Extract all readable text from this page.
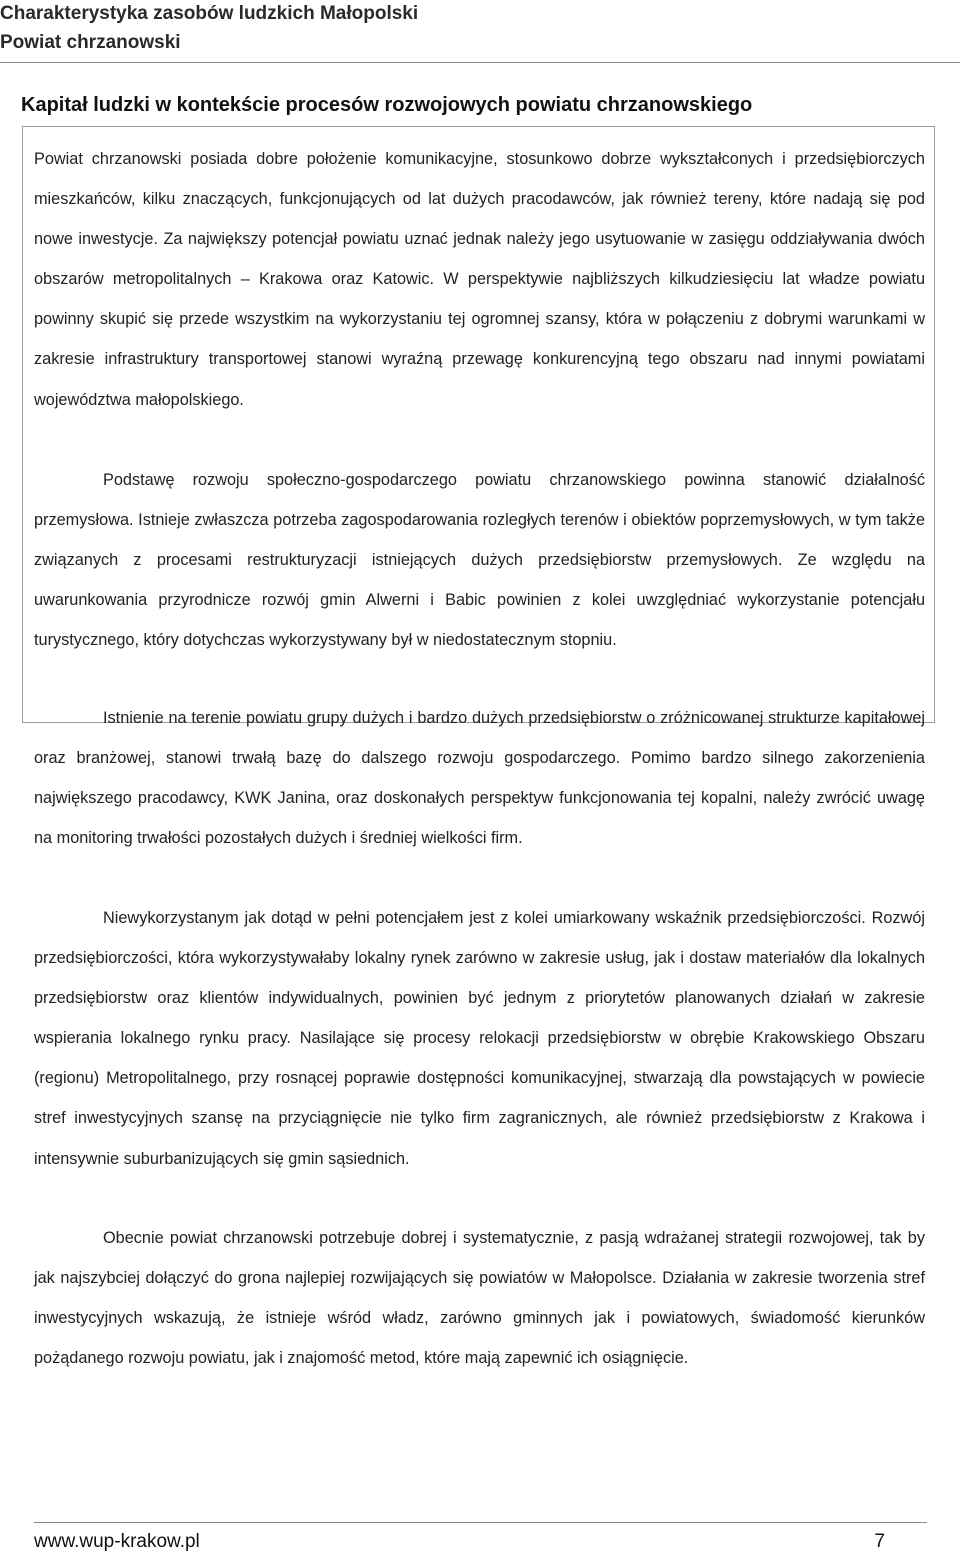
Charakterystyka zasobów ludzkich Małopolski
Powiat chrzanowski
Kapitał ludzki w kontekście procesów rozwojowych powiatu chrzanowskiego

Powiat chrzanowski posiada dobre położenie komunikacyjne, stosunkowo dobrze wykształconych i przedsiębiorczych mieszkańców, kilku znaczących, funkcjonujących od lat dużych pracodawców, jak również tereny, które nadają się pod nowe inwestycje. Za największy potencjał powiatu uznać jednak należy jego usytuowanie w zasięgu oddziaływania dwóch obszarów metropolitalnych – Krakowa oraz Katowic. W perspektywie najbliższych kilkudziesięciu lat władze powiatu powinny skupić się przede wszystkim na wykorzystaniu tej ogromnej szansy, która w połączeniu z dobrymi warunkami w zakresie infrastruktury transportowej stanowi wyraźną przewagę konkurencyjną tego obszaru nad innymi powiatami województwa małopolskiego.

Podstawę rozwoju społeczno-gospodarczego powiatu chrzanowskiego powinna stanowić działalność przemysłowa. Istnieje zwłaszcza potrzeba zagospodarowania rozległych terenów i obiektów poprzemysłowych, w tym także związanych z procesami restrukturyzacji istniejących dużych przedsiębiorstw przemysłowych. Ze względu na uwarunkowania przyrodnicze rozwój gmin Alwerni i Babic powinien z kolei uwzględniać wykorzystanie potencjału turystycznego, który dotychczas wykorzystywany był w niedostatecznym stopniu.

Istnienie na terenie powiatu grupy dużych i bardzo dużych przedsiębiorstw o zróżnicowanej strukturze kapitałowej oraz branżowej, stanowi trwałą bazę do dalszego rozwoju gospodarczego. Pomimo bardzo silnego zakorzenienia największego pracodawcy, KWK Janina, oraz doskonałych perspektyw funkcjonowania tej kopalni, należy zwrócić uwagę na monitoring trwałości pozostałych dużych i średniej wielkości firm.

Niewykorzystanym jak dotąd w pełni potencjałem jest z kolei umiarkowany wskaźnik przedsiębiorczości. Rozwój przedsiębiorczości, która wykorzystywałaby lokalny rynek zarówno w zakresie usług, jak i dostaw materiałów dla lokalnych przedsiębiorstw oraz klientów indywidualnych, powinien być jednym z priorytetów planowanych działań w zakresie wspierania lokalnego rynku pracy. Nasilające się procesy relokacji przedsiębiorstw w obrębie Krakowskiego Obszaru (regionu) Metropolitalnego, przy rosnącej poprawie dostępności komunikacyjnej, stwarzają dla powstających w powiecie stref inwestycyjnych szansę na przyciągnięcie nie tylko firm zagranicznych, ale również przedsiębiorstw z Krakowa i intensywnie suburbanizujących się gmin sąsiednich.

Obecnie powiat chrzanowski potrzebuje dobrej i systematycznie, z pasją wdrażanej strategii rozwojowej, tak by jak najszybciej dołączyć do grona najlepiej rozwijających się powiatów w Małopolsce. Działania w zakresie tworzenia stref inwestycyjnych wskazują, że istnieje wśród władz, zarówno gminnych jak i powiatowych, świadomość kierunków pożądanego rozwoju powiatu, jak i znajomość metod, które mają zapewnić ich osiągnięcie.

www.wup-krakow.pl	7
